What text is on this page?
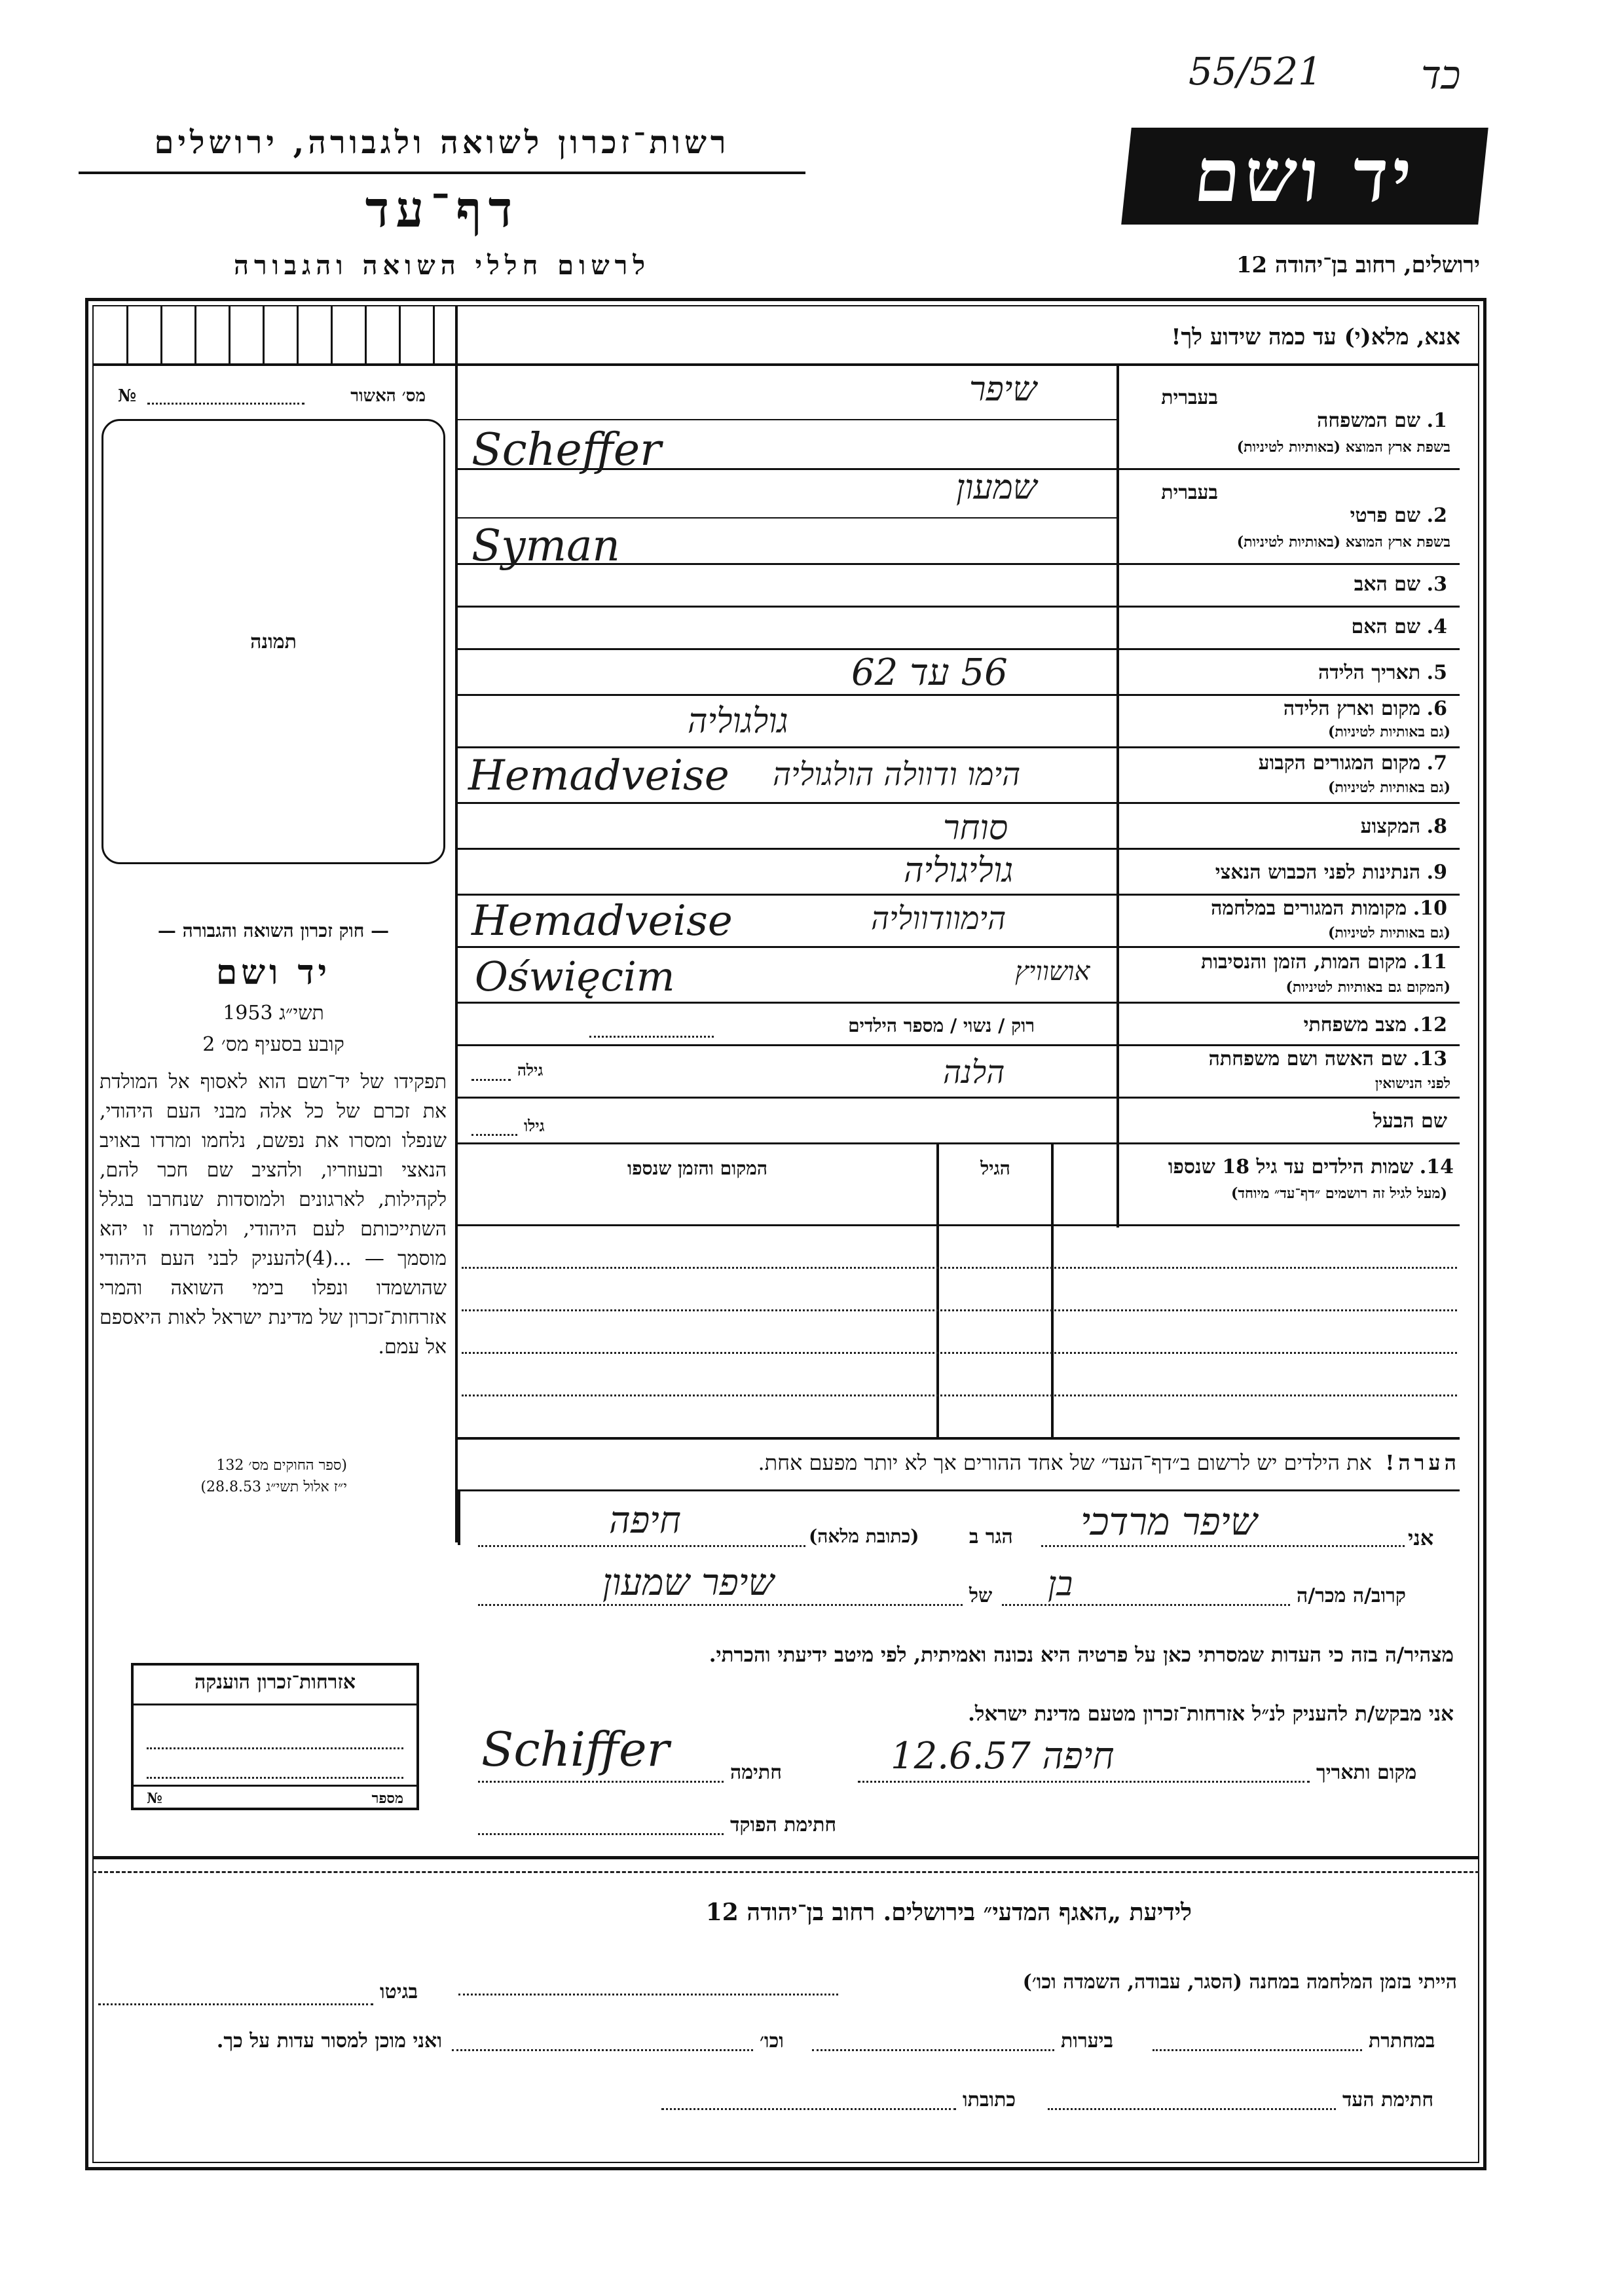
55/521	כד
רשות־זכרון לשואה ולגבורה, ירושלים
דף־עד
לרשום חללי השואה והגבורה
יד ושם
ירושלים, רחוב בן־יהודה 12
אנא, מלא(י) עד כמה שידוע לך!
№	מס׳ האשור
תמונה
— חוק זכרון השואה והגבורה —
יד ושם
תשי״ג 1953
קובע בסעיף מס׳ 2
תפקידו של יד־ושם הוא לאסוף אל המולדת את זכרם של כל אלה מבני העם היהודי, שנפלו ומסרו את נפשם, נלחמו ומרדו באויב הנאצי ובעוזריו, ולהציב שם חכר להם, לקהילות, לארגונים ולמוסדות שנחרבו בגלל השתייכותם לעם היהודי, ולמטרה זו יהא מוסמך — ...(4)להעניק לבני העם היהודי שהושמדו ונפלו בימי השואה והמרי אזרחות־זכרון של מדינת ישראל לאות היאספם אל עמם.
(ספר החוקים מס׳ 132
י״ז אלול תשי״ג 28.8.53)
בעברית
1. שם המשפחה
בשפת ארץ המוצא (באותיות לטיניות)
שיפר
Scheffer
בעברית
2. שם פרטי
בשפת ארץ המוצא (באותיות לטיניות)
שמעון
Syman
3. שם האב
4. שם האם
5. תאריך הלידה
56 עד 62
6. מקום וארץ הלידה
(גם באותיות לטיניות)
גולגוליה
7. מקום המגורים הקבוע
(גם באותיות לטיניות)
Hemadveise הימו ודוולה הולגוליה
8. המקצוע
סוחר
9. הנתינות לפני הכבוש הנאצי
גוליגוליה
10. מקומות המגורים במלחמה
(גם באותיות לטיניות)
Hemadveise	הימוודווליה
11. מקום המות, הזמן והנסיבות
(המקום גם באותיות לטיניות)
Oświęcim	אושוויץ
12. מצב משפחתי
רוק / נשוי / מספר הילדים
13. שם האשה ושם משפחתה
לפני הנישואין
גילה	הלנה
שם הבעל
גילו
14. שמות הילדים עד גיל 18 שנספו
(מעל לגיל זה רושמים ״דף־עד״ מיוחד)
הגיל
המקום והזמן שנספו
הערה!  את הילדים יש לרשום ב״דף־העד״ של אחד ההורים אך לא יותר מפעם אחת.
אני
שיפר מרדכי
הגר ב
(כתובת מלאה)
חיפה
קרוב/ה מכר/ה
בן
של
שיפר שמעון
מצהיר/ה בזה כי העדות שמסרתי כאן על פרטיה היא נכונה ואמיתית, לפי מיטב ידיעתי והכרתי.
אני מבקש/ת להעניק לנ״ל אזרחות־זכרון מטעם מדינת ישראל.
מקום ותאריך
חיפה 12.6.57
חתימה
Schiffer
חתימת הפוקד
אזרחות־זכרון הוענקה
№	מספר
לידיעת „האגף המדעי״ בירושלים. רחוב בן־יהודה 12
הייתי בזמן המלחמה במחנה (הסגר, עבודה, השמדה וכו׳)
בגיטו
במחתרת
ביערות
וכו׳
ואני מוכן למסור עדות על כך.
חתימת העד
כתובתו
